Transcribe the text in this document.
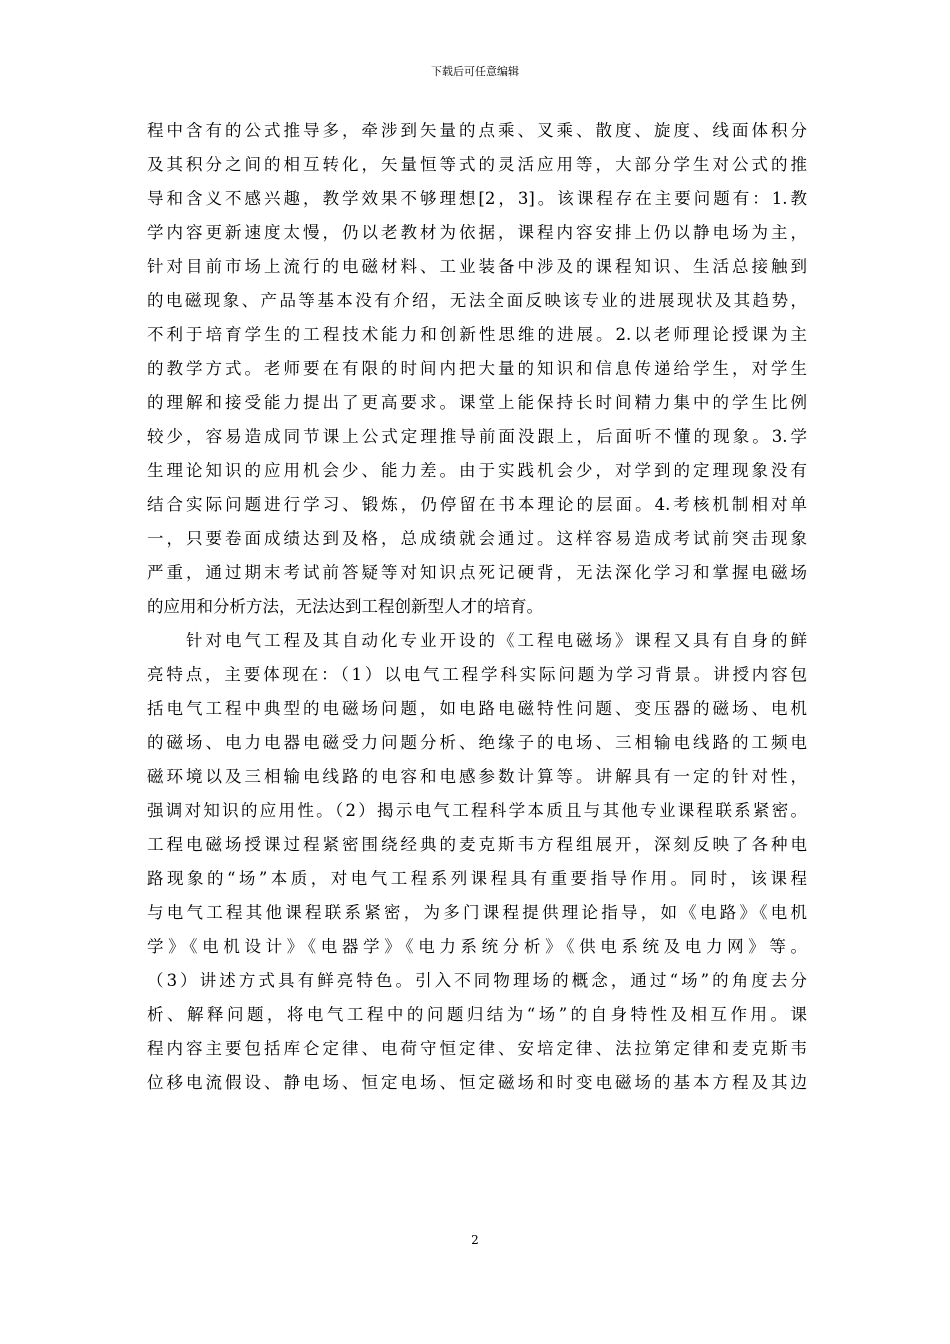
下载后可任意编辑
程中含有的公式推导多，牵涉到矢量的点乘、叉乘、散度、旋度、线面体积分
及其积分之间的相互转化，矢量恒等式的灵活应用等，大部分学生对公式的推
导和含义不感兴趣，教学效果不够理想[2，3]。该课程存在主要问题有：1.教
学内容更新速度太慢，仍以老教材为依据，课程内容安排上仍以静电场为主，
针对目前市场上流行的电磁材料、工业装备中涉及的课程知识、生活总接触到
的电磁现象、产品等基本没有介绍，无法全面反映该专业的进展现状及其趋势，
不利于培育学生的工程技术能力和创新性思维的进展。2.以老师理论授课为主
的教学方式。老师要在有限的时间内把大量的知识和信息传递给学生，对学生
的理解和接受能力提出了更高要求。课堂上能保持长时间精力集中的学生比例
较少，容易造成同节课上公式定理推导前面没跟上，后面听不懂的现象。3.学
生理论知识的应用机会少、能力差。由于实践机会少，对学到的定理现象没有
结合实际问题进行学习、锻炼，仍停留在书本理论的层面。4.考核机制相对单
一，只要卷面成绩达到及格，总成绩就会通过。这样容易造成考试前突击现象
严重，通过期末考试前答疑等对知识点死记硬背，无法深化学习和掌握电磁场
的应用和分析方法，无法达到工程创新型人才的培育。
　　针对电气工程及其自动化专业开设的《工程电磁场》课程又具有自身的鲜
亮特点，主要体现在：（1）以电气工程学科实际问题为学习背景。讲授内容包
括电气工程中典型的电磁场问题，如电路电磁特性问题、变压器的磁场、电机
的磁场、电力电器电磁受力问题分析、绝缘子的电场、三相输电线路的工频电
磁环境以及三相输电线路的电容和电感参数计算等。讲解具有一定的针对性，
强调对知识的应用性。（2）揭示电气工程科学本质且与其他专业课程联系紧密。
工程电磁场授课过程紧密围绕经典的麦克斯韦方程组展开，深刻反映了各种电
路现象的“场”本质，对电气工程系列课程具有重要指导作用。同时，该课程
与电气工程其他课程联系紧密，为多门课程提供理论指导，如《电路》《电机
学》《电机设计》《电器学》《电力系统分析》《供电系统及电力网》等。
（3）讲述方式具有鲜亮特色。引入不同物理场的概念，通过“场”的角度去分
析、解释问题，将电气工程中的问题归结为“场”的自身特性及相互作用。课
程内容主要包括库仑定律、电荷守恒定律、安培定律、法拉第定律和麦克斯韦
位移电流假设、静电场、恒定电场、恒定磁场和时变电磁场的基本方程及其边
2
